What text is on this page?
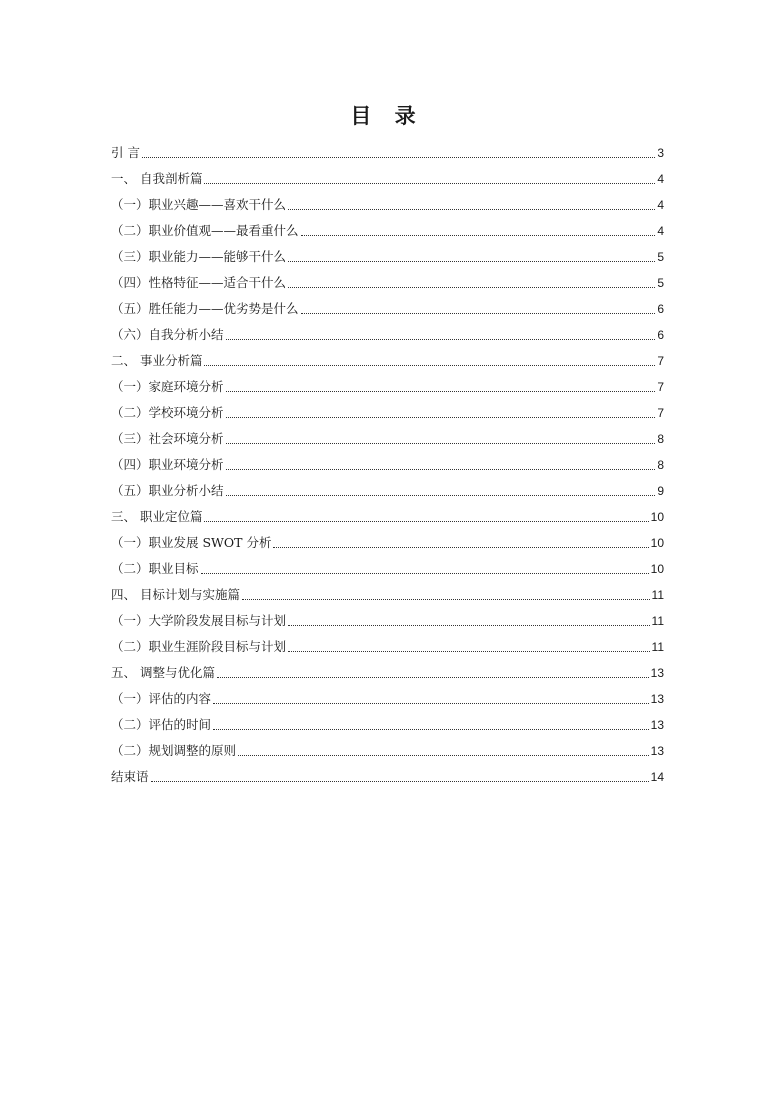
目 录
引 言	3
一、 自我剖析篇	4
（一）职业兴趣——喜欢干什么	4
（二）职业价值观——最看重什么	4
（三）职业能力——能够干什么	5
（四）性格特征——适合干什么	5
（五）胜任能力——优劣势是什么	6
（六）自我分析小结	6
二、 事业分析篇	7
（一）家庭环境分析	7
（二）学校环境分析	7
（三）社会环境分析	8
（四）职业环境分析	8
（五）职业分析小结	9
三、 职业定位篇	10
（一）职业发展 SWOT 分析	10
（二）职业目标	10
四、 目标计划与实施篇	11
（一）大学阶段发展目标与计划	11
（二）职业生涯阶段目标与计划	11
五、 调整与优化篇	13
（一）评估的内容	13
（二）评估的时间	13
（二）规划调整的原则	13
结束语	14
